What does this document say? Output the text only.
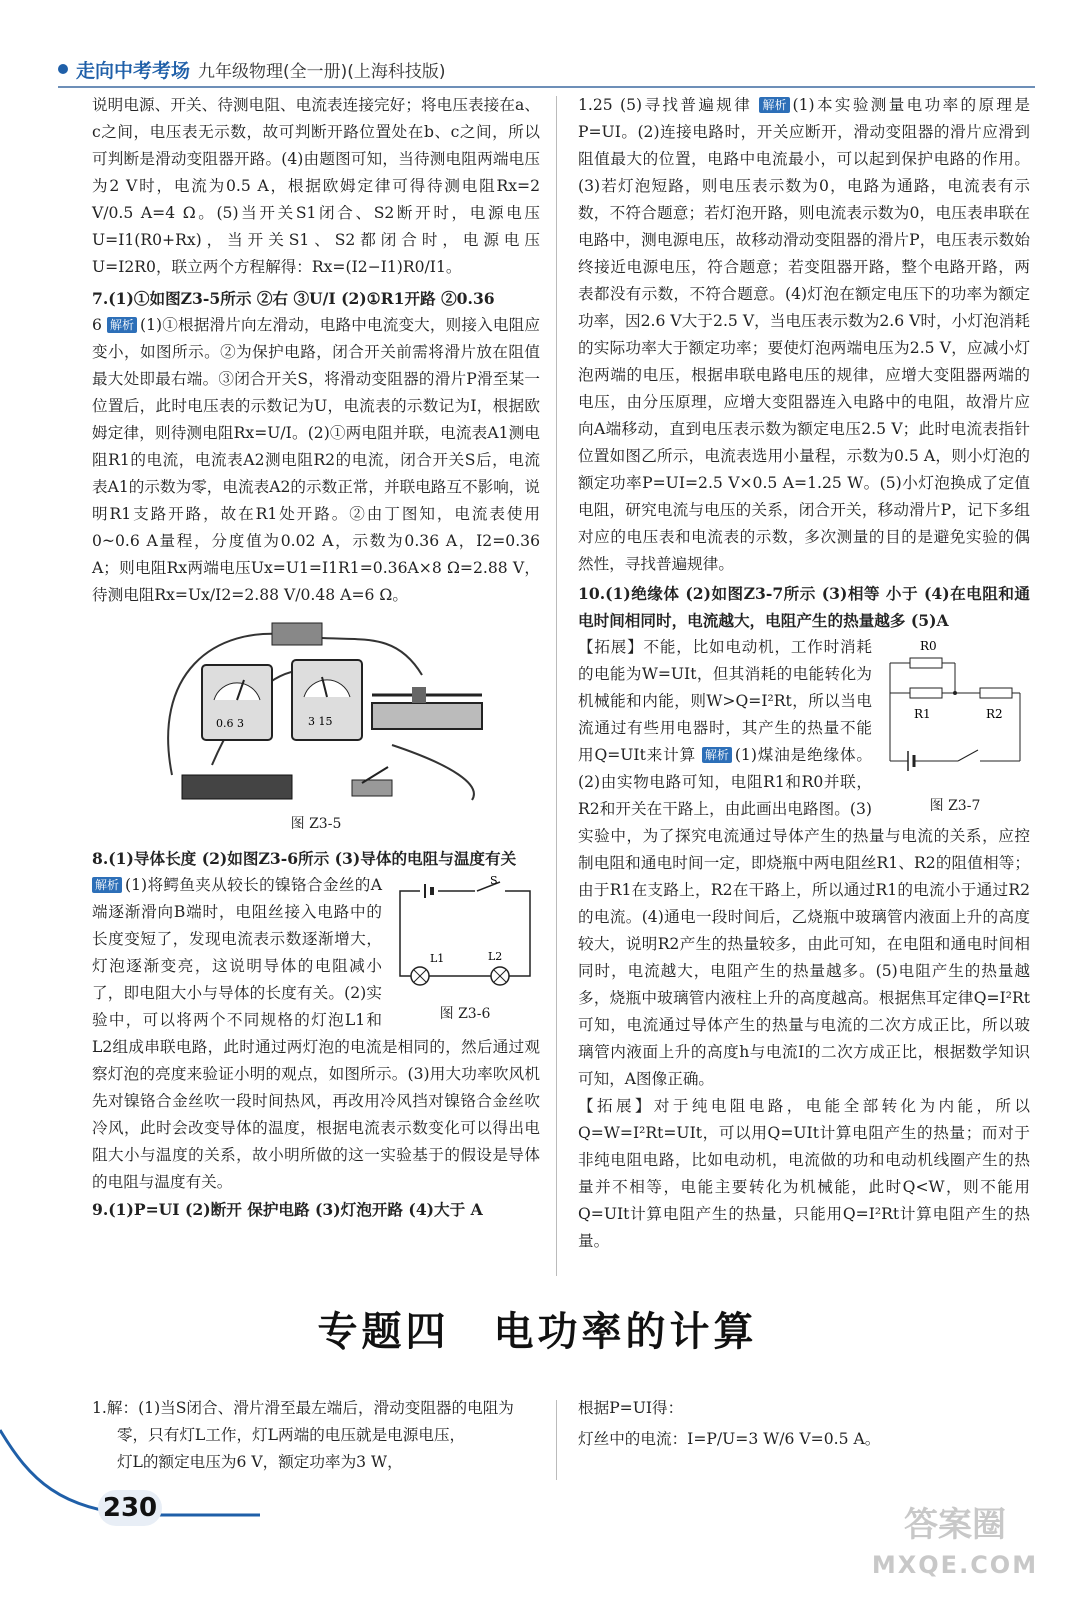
走向中考考场 九年级物理(全一册)(上海科技版)

说明电源、开关、待测电阻、电流表连接完好；将电压表接在a、c之间，电压表无示数，故可判断开路位置处在b、c之间，所以可判断是滑动变阻器开路。(4)由题图可知，当待测电阻两端电压为2 V时，电流为0.5 A，根据欧姆定律可得待测电阻Rx=2 V/0.5 A=4 Ω。(5)当开关S1闭合、S2断开时，电源电压U=I1(R0+Rx)，当开关S1、S2都闭合时，电源电压U=I2R0，联立两个方程解得：Rx=(I2−I1)R0/I1。

7.(1)①如图Z3-5所示 ②右 ③U/I (2)①R1开路 ②0.36

6 解析 (1)①根据滑片向左滑动，电路中电流变大，则接入电阻应变小，如图所示。②为保护电路，闭合开关前需将滑片放在阻值最大处即最右端。③闭合开关S，将滑动变阻器的滑片P滑至某一位置后，此时电压表的示数记为U，电流表的示数记为I，根据欧姆定律，则待测电阻Rx=U/I。(2)①两电阻并联，电流表A1测电阻R1的电流，电流表A2测电阻R2的电流，闭合开关S后，电流表A1的示数为零，电流表A2的示数正常，并联电路互不影响，说明R1支路开路，故在R1处开路。②由丁图知，电流表使用0~0.6 A量程，分度值为0.02 A，示数为0.36 A，I2=0.36 A；则电阻Rx两端电压Ux=U1=I1R1=0.36A×8 Ω=2.88 V，待测电阻Rx=Ux/I2=2.88 V/0.48 A=6 Ω。

0.6 3	3 15
图 Z3-5

8.(1)导体长度 (2)如图Z3-6所示 (3)导体的电阻与温度有关

S
L1	L2
图 Z3-6

解析 (1)将鳄鱼夹从较长的镍铬合金丝的A端逐渐滑向B端时，电阻丝接入电路中的长度变短了，发现电流表示数逐渐增大，灯泡逐渐变亮，这说明导体的电阻减小了，即电阻大小与导体的长度有关。(2)实验中，可以将两个不同规格的灯泡L1和L2组成串联电路，此时通过两灯泡的电流是相同的，然后通过观察灯泡的亮度来验证小明的观点，如图所示。(3)用大功率吹风机先对镍铬合金丝吹一段时间热风，再改用冷风挡对镍铬合金丝吹冷风，此时会改变导体的温度，根据电流表示数变化可以得出电阻大小与温度的关系，故小明所做的这一实验基于的假设是导体的电阻与温度有关。

9.(1)P=UI (2)断开 保护电路 (3)灯泡开路 (4)大于 A

1.25 (5)寻找普遍规律 解析 (1)本实验测量电功率的原理是P=UI。(2)连接电路时，开关应断开，滑动变阻器的滑片应滑到阻值最大的位置，电路中电流最小，可以起到保护电路的作用。(3)若灯泡短路，则电压表示数为0，电路为通路，电流表有示数，不符合题意；若灯泡开路，则电流表示数为0，电压表串联在电路中，测电源电压，故移动滑动变阻器的滑片P，电压表示数始终接近电源电压，符合题意；若变阻器开路，整个电路开路，两表都没有示数，不符合题意。(4)灯泡在额定电压下的功率为额定功率，因2.6 V大于2.5 V，当电压表示数为2.6 V时，小灯泡消耗的实际功率大于额定功率；要使灯泡两端电压为2.5 V，应减小灯泡两端的电压，根据串联电路电压的规律，应增大变阻器两端的电压，由分压原理，应增大变阻器连入电路中的电阻，故滑片应向A端移动，直到电压表示数为额定电压2.5 V；此时电流表指针位置如图乙所示，电流表选用小量程，示数为0.5 A，则小灯泡的额定功率P=UI=2.5 V×0.5 A=1.25 W。(5)小灯泡换成了定值电阻，研究电流与电压的关系，闭合开关，移动滑片P，记下多组对应的电压表和电流表的示数，多次测量的目的是避免实验的偶然性，寻找普遍规律。

10.(1)绝缘体 (2)如图Z3-7所示 (3)相等 小于 (4)在电阻和通电时间相同时，电流越大，电阻产生的热量越多 (5)A

R0
R1	R2
图 Z3-7

【拓展】不能，比如电动机，工作时消耗的电能为W=UIt，但其消耗的电能转化为机械能和内能，则W>Q=I²Rt，所以当电流通过有些用电器时，其产生的热量不能用Q=UIt来计算 解析 (1)煤油是绝缘体。(2)由实物电路可知，电阻R1和R0并联，R2和开关在干路上，由此画出电路图。(3)实验中，为了探究电流通过导体产生的热量与电流的关系，应控制电阻和通电时间一定，即烧瓶中两电阻丝R1、R2的阻值相等；由于R1在支路上，R2在干路上，所以通过R1的电流小于通过R2的电流。(4)通电一段时间后，乙烧瓶中玻璃管内液面上升的高度较大，说明R2产生的热量较多，由此可知，在电阻和通电时间相同时，电流越大，电阻产生的热量越多。(5)电阻产生的热量越多，烧瓶中玻璃管内液柱上升的高度越高。根据焦耳定律Q=I²Rt可知，电流通过导体产生的热量与电流的二次方成正比，所以玻璃管内液面上升的高度h与电流I的二次方成正比，根据数学知识可知，A图像正确。

【拓展】对于纯电阻电路，电能全部转化为内能，所以Q=W=I²Rt=UIt，可以用Q=UIt计算电阻产生的热量；而对于非纯电阻电路，比如电动机，电流做的功和电动机线圈产生的热量并不相等，电能主要转化为机械能，此时Q<W，则不能用Q=UIt计算电阻产生的热量，只能用Q=I²Rt计算电阻产生的热量。

专题四　电功率的计算

1.解：(1)当S闭合、滑片滑至最左端后，滑动变阻器的电阻为零，只有灯L工作，灯L两端的电压就是电源电压，

灯L的额定电压为6 V，额定功率为3 W，

根据P=UI得：

灯丝中的电流：I=P/U=3 W/6 V=0.5 A。

230	答案圈
MXQE.COM
